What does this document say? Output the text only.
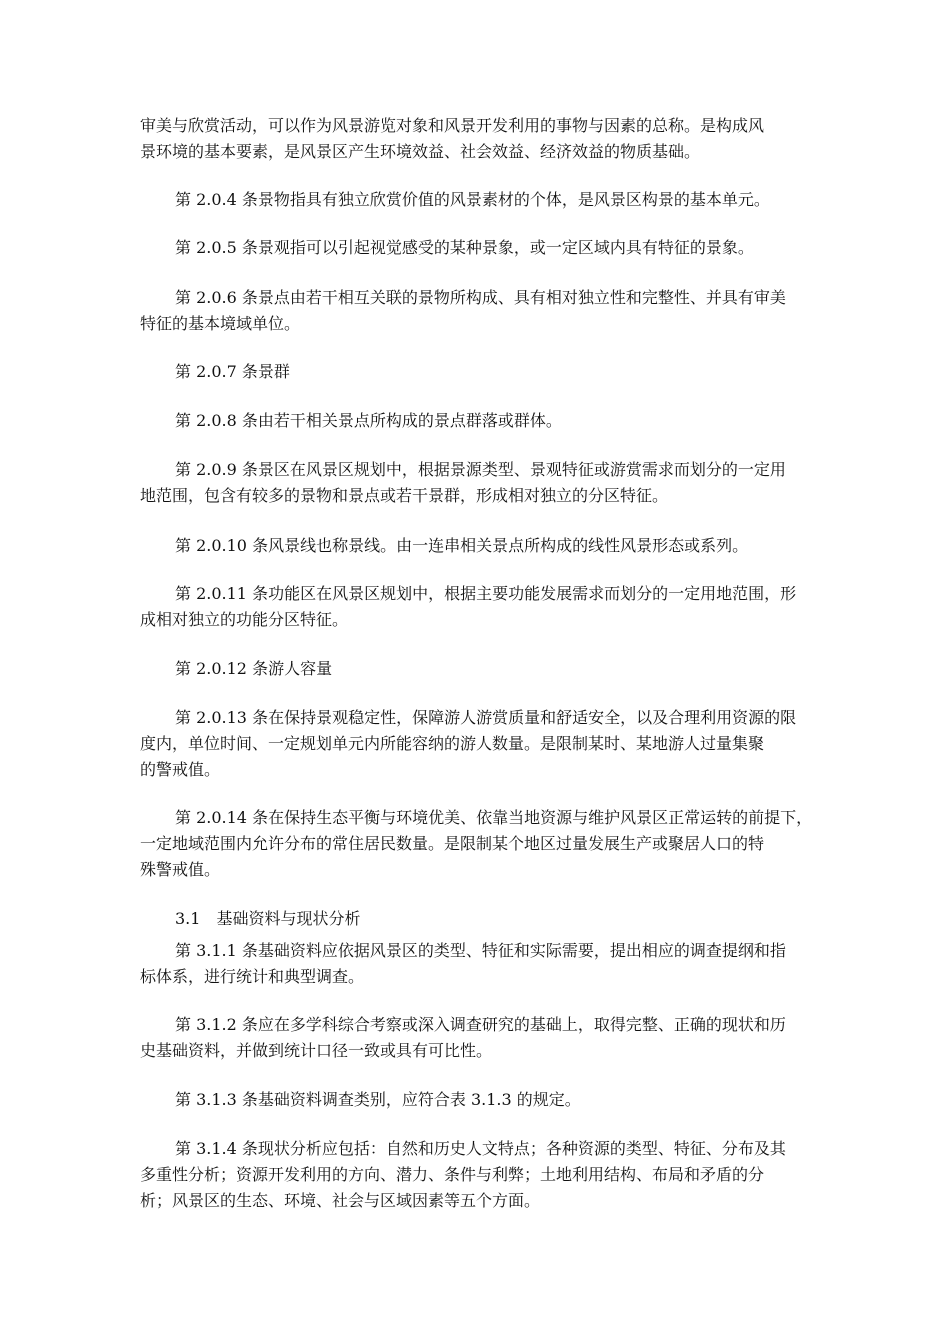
审美与欣赏活动，可以作为风景游览对象和风景开发利用的事物与因素的总称。是构成风
景环境的基本要素，是风景区产生环境效益、社会效益、经济效益的物质基础。
第 2.0.4 条景物指具有独立欣赏价值的风景素材的个体，是风景区构景的基本单元。
第 2.0.5 条景观指可以引起视觉感受的某种景象，或一定区域内具有特征的景象。
第 2.0.6 条景点由若干相互关联的景物所构成、具有相对独立性和完整性、并具有审美
特征的基本境域单位。
第 2.0.7 条景群
第 2.0.8 条由若干相关景点所构成的景点群落或群体。
第 2.0.9 条景区在风景区规划中，根据景源类型、景观特征或游赏需求而划分的一定用
地范围，包含有较多的景物和景点或若干景群，形成相对独立的分区特征。
第 2.0.10 条风景线也称景线。由一连串相关景点所构成的线性风景形态或系列。
第 2.0.11 条功能区在风景区规划中，根据主要功能发展需求而划分的一定用地范围，形
成相对独立的功能分区特征。
第 2.0.12 条游人容量
第 2.0.13 条在保持景观稳定性，保障游人游赏质量和舒适安全，以及合理利用资源的限
度内，单位时间、一定规划单元内所能容纳的游人数量。是限制某时、某地游人过量集聚
的警戒值。
第 2.0.14 条在保持生态平衡与环境优美、依靠当地资源与维护风景区正常运转的前提下，
一定地域范围内允许分布的常住居民数量。是限制某个地区过量发展生产或聚居人口的特
殊警戒值。
3.1 基础资料与现状分析
第 3.1.1 条基础资料应依据风景区的类型、特征和实际需要，提出相应的调查提纲和指
标体系，进行统计和典型调查。
第 3.1.2 条应在多学科综合考察或深入调查研究的基础上，取得完整、正确的现状和历
史基础资料，并做到统计口径一致或具有可比性。
第 3.1.3 条基础资料调查类别，应符合表 3.1.3 的规定。
第 3.1.4 条现状分析应包括：自然和历史人文特点；各种资源的类型、特征、分布及其
多重性分析；资源开发利用的方向、潜力、条件与利弊；土地利用结构、布局和矛盾的分
析；风景区的生态、环境、社会与区域因素等五个方面。
